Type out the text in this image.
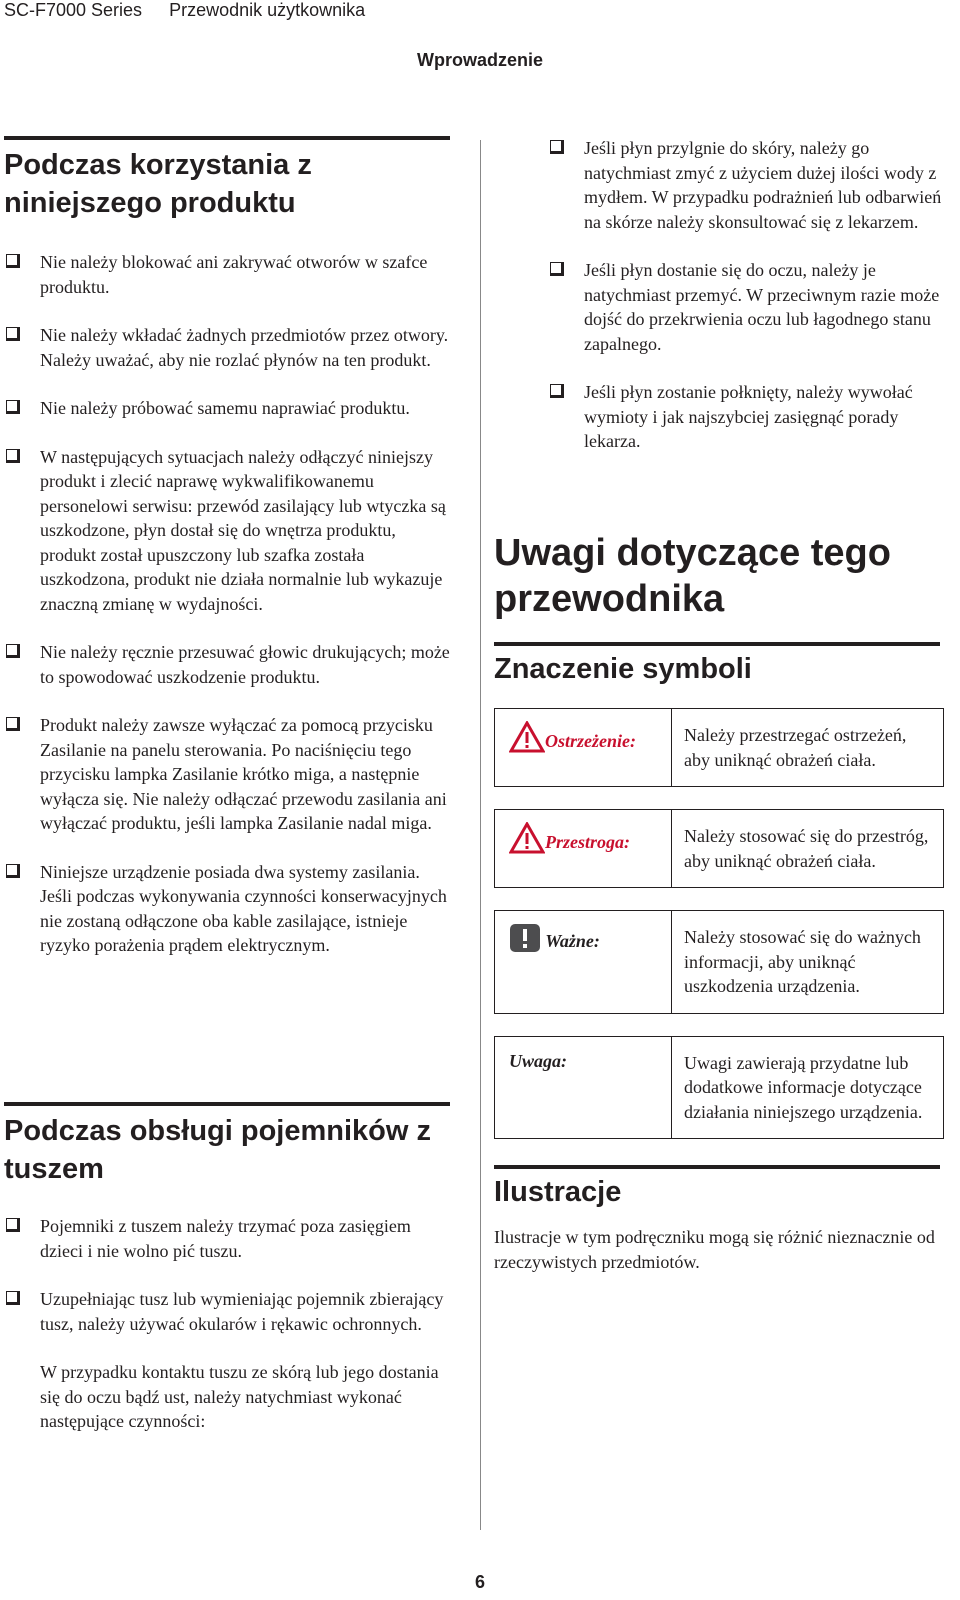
SC-F7000 Series Przewodnik użytkownika
Wprowadzenie
Podczas korzystania z niniejszego produktu
Nie należy blokować ani zakrywać otworów w szafce produktu.
Nie należy wkładać żadnych przedmiotów przez otwory. Należy uważać, aby nie rozlać płynów na ten produkt.
Nie należy próbować samemu naprawiać produktu.
W następujących sytuacjach należy odłączyć niniejszy produkt i zlecić naprawę wykwalifikowanemu personelowi serwisu: przewód zasilający lub wtyczka są uszkodzone, płyn dostał się do wnętrza produktu, produkt został upuszczony lub szafka została uszkodzona, produkt nie działa normalnie lub wykazuje znaczną zmianę w wydajności.
Nie należy ręcznie przesuwać głowic drukujących; może to spowodować uszkodzenie produktu.
Produkt należy zawsze wyłączać za pomocą przycisku Zasilanie na panelu sterowania. Po naciśnięciu tego przycisku lampka Zasilanie krótko miga, a następnie wyłącza się. Nie należy odłączać przewodu zasilania ani wyłączać produktu, jeśli lampka Zasilanie nadal miga.
Niniejsze urządzenie posiada dwa systemy zasilania. Jeśli podczas wykonywania czynności konserwacyjnych nie zostaną odłączone oba kable zasilające, istnieje ryzyko porażenia prądem elektrycznym.
Podczas obsługi pojemników z tuszem
Pojemniki z tuszem należy trzymać poza zasięgiem dzieci i nie wolno pić tuszu.
Uzupełniając tusz lub wymieniając pojemnik zbierający tusz, należy używać okularów i rękawic ochronnych.

W przypadku kontaktu tuszu ze skórą lub jego dostania się do oczu bądź ust, należy natychmiast wykonać następujące czynności:

Jeśli płyn przylgnie do skóry, należy go natychmiast zmyć z użyciem dużej ilości wody z mydłem. W przypadku podrażnień lub odbarwień na skórze należy skonsultować się z lekarzem.
Jeśli płyn dostanie się do oczu, należy je natychmiast przemyć. W przeciwnym razie może dojść do przekrwienia oczu lub łagodnego stanu zapalnego.
Jeśli płyn zostanie połknięty, należy wywołać wymioty i jak najszybciej zasięgnąć porady lekarza.
Uwagi dotyczące tego przewodnika
Znaczenie symboli
Ostrzeżenie:	Należy przestrzegać ostrzeżeń, aby uniknąć obrażeń ciała.
Przestroga:	Należy stosować się do przestróg, aby uniknąć obrażeń ciała.
Ważne:	Należy stosować się do ważnych informacji, aby uniknąć uszkodzenia urządzenia.
Uwaga:	Uwagi zawierają przydatne lub dodatkowe informacje dotyczące działania niniejszego urządzenia.
Ilustracje

Ilustracje w tym podręczniku mogą się różnić nieznacznie od rzeczywistych przedmiotów.

6
